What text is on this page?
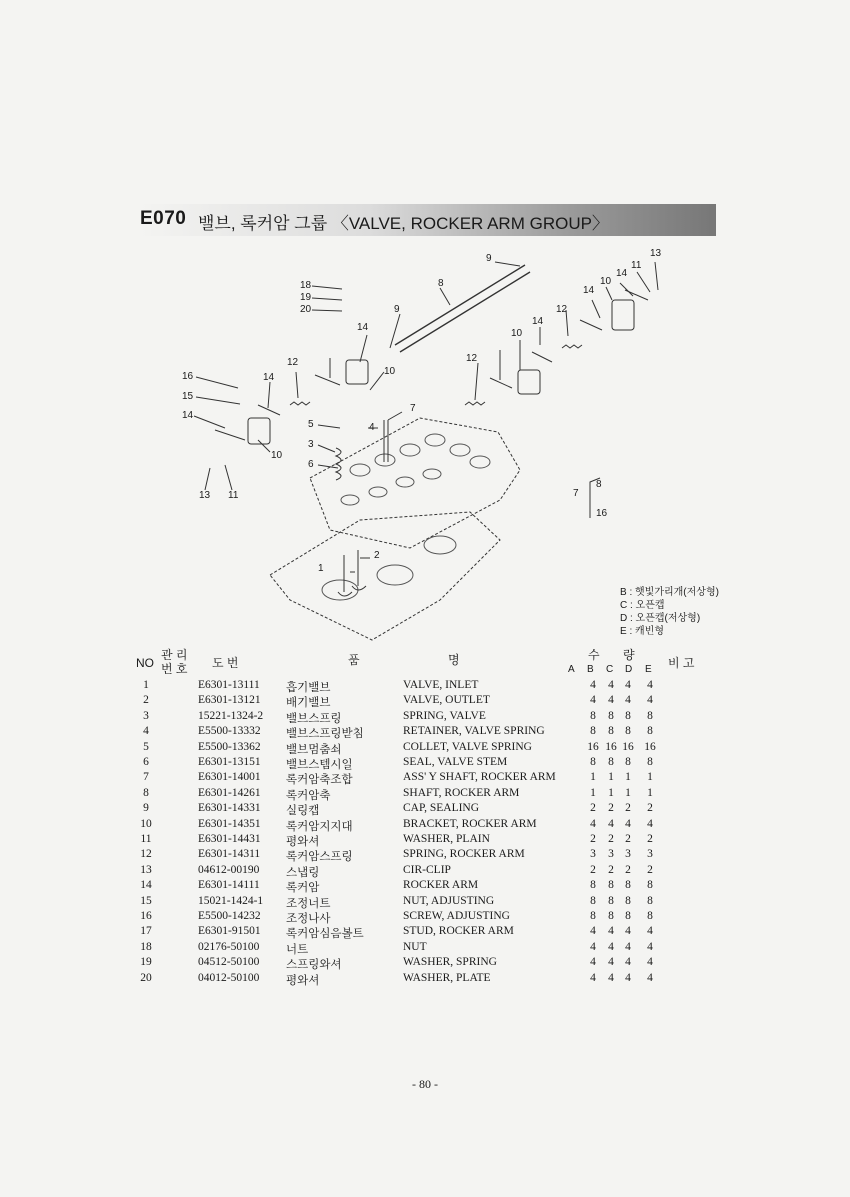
E070 밸브, 록커암 그룹 〈VALVE, ROCKER ARM GROUP〉
9	13
11
14
10
8
18
19
20	9
14
12
14
14
10
12
16	14
12
10
15
5	4
7
14
3
6
10
13 11
2
1
7
8
16
B : 햇빛가리개(저상형)
C : 오픈캡
D : 오픈캡(저상형)
E : 캐빈형
NO
관 리
번 호 도 번	품	명	수 량
A B C D E 비 고
1	E6301-13111 흡기밸브	VALVE, INLET	4	4 4	4
2	E6301-13121 배기밸브	VALVE, OUTLET	4	4 4	4
3	15221-1324-2 밸브스프링	SPRING, VALVE	8	8 8	8
4	E5500-13332 밸브스프링받침	RETAINER, VALVE SPRING	8	8 8	8
5	E5500-13362 밸브멈춤쇠	COLLET, VALVE SPRING	16 16 16 16
6	E6301-13151 밸브스템시일	SEAL, VALVE STEM	8	8 8	8
7	E6301-14001 록커암축조합	ASS' Y SHAFT, ROCKER ARM	1	1 1	1
8	E6301-14261 록커암축	SHAFT, ROCKER ARM	1	1 1	1
9	E6301-14331 실링캡	CAP, SEALING	2	2 2	2
10	E6301-14351 록커암지지대	BRACKET, ROCKER ARM	4	4 4	4
11	E6301-14431 평와셔	WASHER, PLAIN	2	2 2	2
12	E6301-14311 록커암스프링	SPRING, ROCKER ARM	3	3 3	3
13	04612-00190 스냅링	CIR-CLIP	2	2 2	2
14	E6301-14111 록커암	ROCKER ARM	8	8 8	8
15	15021-1424-1 조정너트	NUT, ADJUSTING	8	8 8	8
16	E5500-14232 조정나사	SCREW, ADJUSTING	8	8 8	8
17	E6301-91501 록커암심음볼트	STUD, ROCKER ARM	4	4 4	4
18	02176-50100 너트	NUT	4	4 4	4
19	04512-50100 스프링와셔	WASHER, SPRING	4	4 4	4
20	04012-50100 평와셔	WASHER, PLATE	4	4 4	4
- 80 -
